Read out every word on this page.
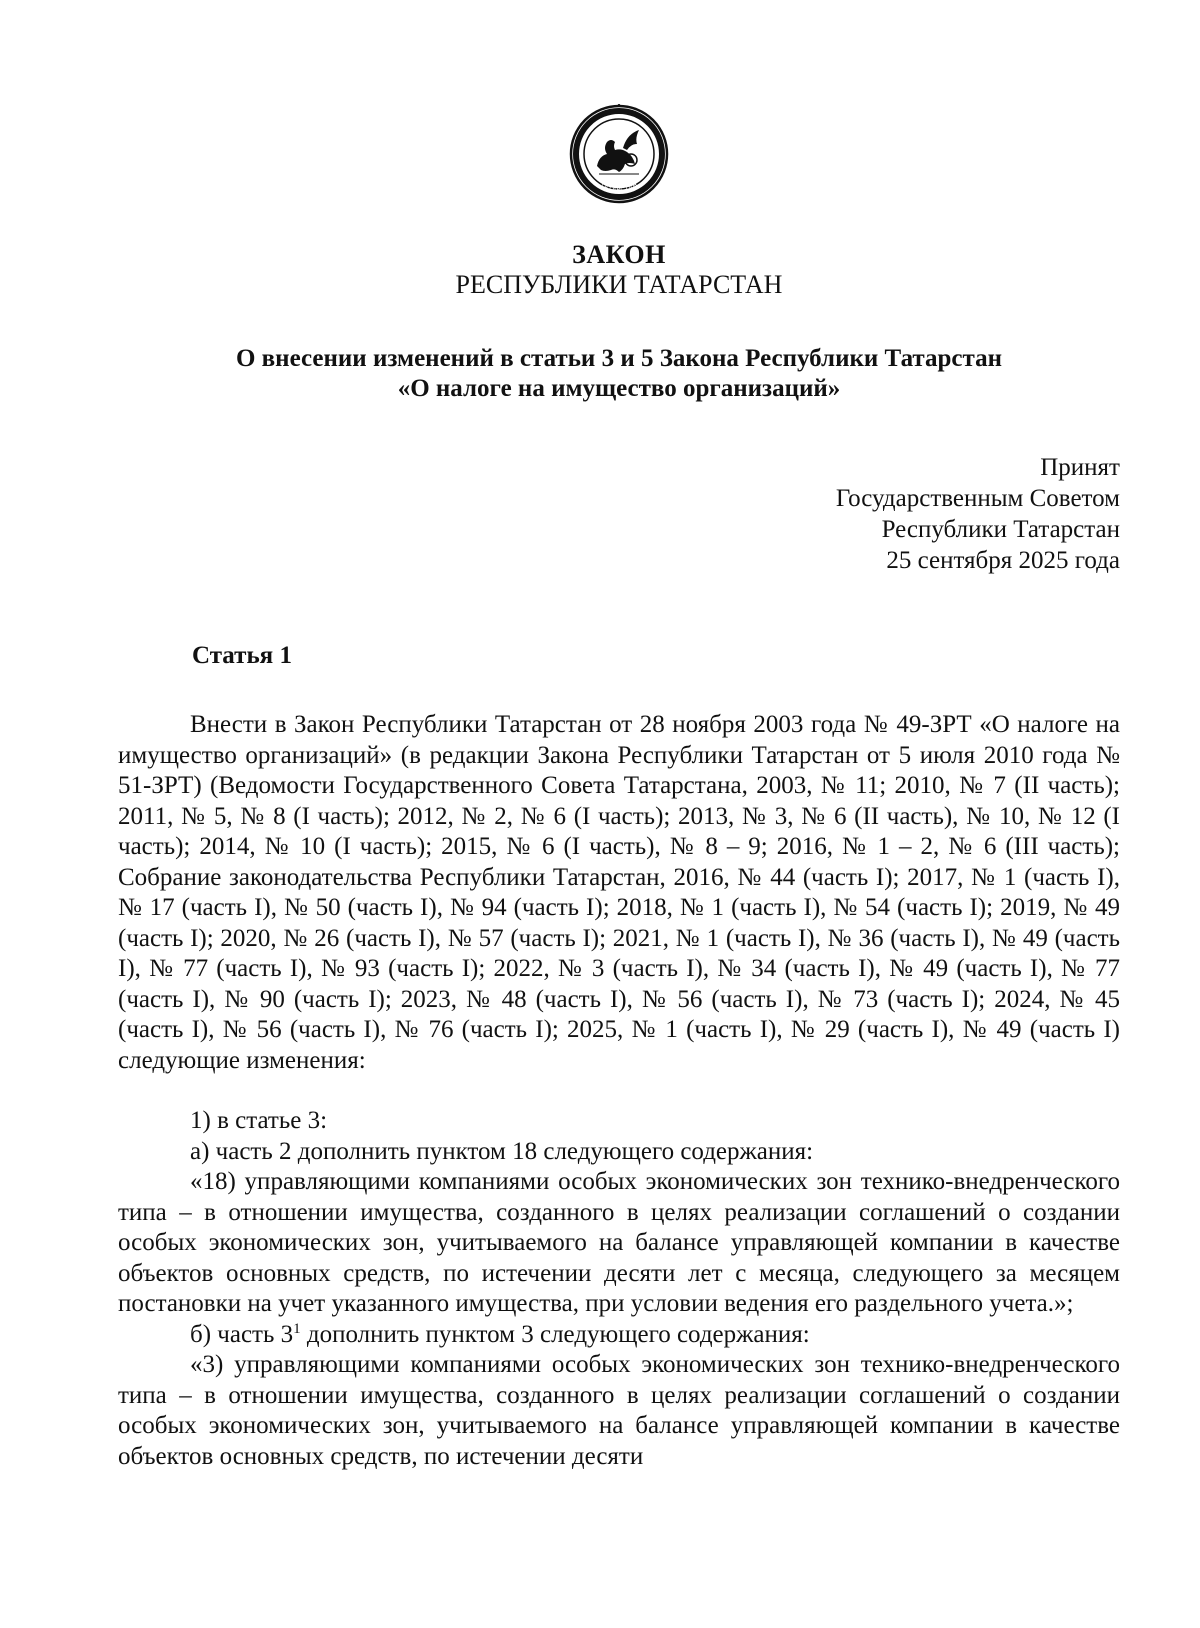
ТАТАРСТАН
ЗАКОН
РЕСПУБЛИКИ ТАТАРСТАН
О внесении изменений в статьи 3 и 5 Закона Республики Татарстан
«О налоге на имущество организаций»
Принят
Государственным Советом
Республики Татарстан
25 сентября 2025 года
Статья 1

Внести в Закон Республики Татарстан от 28 ноября 2003 года № 49-ЗРТ «О налоге на имущество организаций» (в редакции Закона Республики Татарстан от 5 июля 2010 года № 51-ЗРТ) (Ведомости Государственного Совета Татарстана, 2003, № 11; 2010, № 7 (II часть); 2011, № 5, № 8 (I часть); 2012, № 2, № 6 (I часть); 2013, № 3, № 6 (II часть), № 10, № 12 (I часть); 2014, № 10 (I часть); 2015, № 6 (I часть), № 8 – 9; 2016, № 1 – 2, № 6 (III часть); Собрание законодательства Республики Татарстан, 2016, № 44 (часть I); 2017, № 1 (часть I), № 17 (часть I), № 50 (часть I), № 94 (часть I); 2018, № 1 (часть I), № 54 (часть I); 2019, № 49 (часть I); 2020, № 26 (часть I), № 57 (часть I); 2021, № 1 (часть I), № 36 (часть I), № 49 (часть I), № 77 (часть I), № 93 (часть I); 2022, № 3 (часть I), № 34 (часть I), № 49 (часть I), № 77 (часть I), № 90 (часть I); 2023, № 48 (часть I), № 56 (часть I), № 73 (часть I); 2024, № 45 (часть I), № 56 (часть I), № 76 (часть I); 2025, № 1 (часть I), № 29 (часть I), № 49 (часть I) следующие изменения:

1) в статье 3:

а) часть 2 дополнить пунктом 18 следующего содержания:

«18) управляющими компаниями особых экономических зон технико-внедренческого типа – в отношении имущества, созданного в целях реализации соглашений о создании особых экономических зон, учитываемого на балансе управляющей компании в качестве объектов основных средств, по истечении десяти лет с месяца, следующего за месяцем постановки на учет указанного имущества, при условии ведения его раздельного учета.»;

б) часть $3^1$ дополнить пунктом 3 следующего содержания:

«3) управляющими компаниями особых экономических зон технико-внедренческого типа – в отношении имущества, созданного в целях реализации соглашений о создании особых экономических зон, учитываемого на балансе управляющей компании в качестве объектов основных средств, по истечении десяти
